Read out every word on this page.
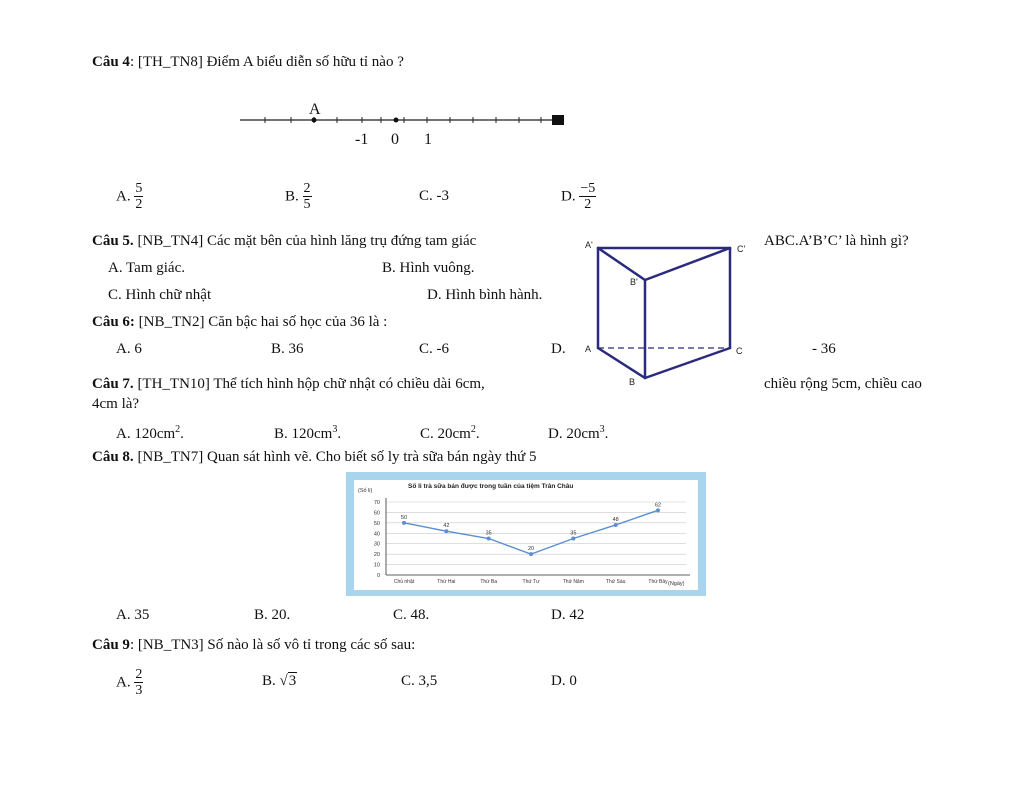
Câu 4: [TH_TN8] Điểm A biểu diễn số hữu tỉ nào ?
A
-1 0 1
A. $\frac{5}{2}$	B. $\frac{2}{5}$	C. -3	D. $\frac{-5}{2}$
Câu 5. [NB_TN4] Các mặt bên của hình lăng trụ đứng tam giác	ABC.A’B’C’ là hình gì?
A. Tam giác.	B. Hình vuông.
C. Hình chữ nhật	D. Hình bình hành.
A'	C'
B'
A	C
B
Câu 6: [NB_TN2] Căn bậc hai số học của 36 là :
A. 6	B. 36	C. -6	D.	- 36
Câu 7. [TH_TN10] Thể tích hình hộp chữ nhật có chiều dài 6cm,	chiều rộng 5cm, chiều cao
4cm là?
A. $120cm^2$.	B. $120cm^3$.	C. $20cm^2$.	D. $20cm^3$.
Câu 8. [NB_TN7] Quan sát hình vẽ. Cho biết số ly trà sữa bán ngày thứ 5
Số li trà sữa bán được trong tuần của tiệm Trân Châu
(Số li)
(Ngày)
0
10
20
30
40
50
60
70
Chủ nhật	Thứ Hai	Thứ Ba	Thứ Tư	Thứ Năm	Thứ Sáu	Thứ Bảy
50
42
35
20
35
48
62
A. 35	B. 20.	C. 48.	D. 42
Câu 9: [NB_TN3] Số nào là số vô tỉ trong các số sau:
A. $\frac{2}{3}$	B. √3	C. 3,5	D. 0
